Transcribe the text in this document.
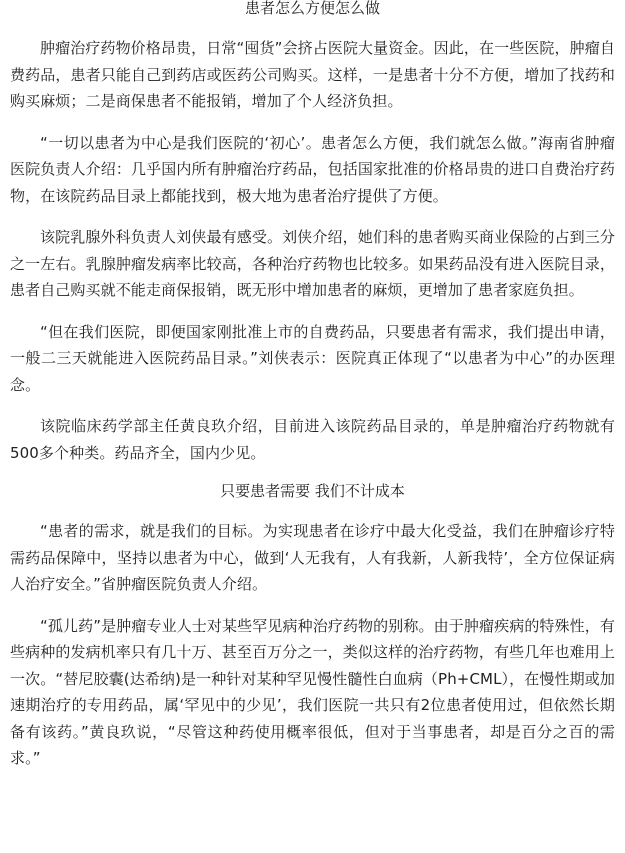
患者怎么方便怎么做

肿瘤治疗药物价格昂贵，日常“囤货”会挤占医院大量资金。因此，在一些医院，肿瘤自费药品，患者只能自己到药店或医药公司购买。这样，一是患者十分不方便，增加了找药和购买麻烦；二是商保患者不能报销，增加了个人经济负担。

“一切以患者为中心是我们医院的‘初心’。患者怎么方便，我们就怎么做。”海南省肿瘤医院负责人介绍：几乎国内所有肿瘤治疗药品，包括国家批准的价格昂贵的进口自费治疗药物，在该院药品目录上都能找到，极大地为患者治疗提供了方便。

该院乳腺外科负责人刘侠最有感受。刘侠介绍，她们科的患者购买商业保险的占到三分之一左右。乳腺肿瘤发病率比较高，各种治疗药物也比较多。如果药品没有进入医院目录，患者自己购买就不能走商保报销，既无形中增加患者的麻烦，更增加了患者家庭负担。

“但在我们医院，即便国家刚批准上市的自费药品，只要患者有需求，我们提出申请，一般二三天就能进入医院药品目录。”刘侠表示：医院真正体现了“以患者为中心”的办医理念。

该院临床药学部主任黄良玖介绍，目前进入该院药品目录的，单是肿瘤治疗药物就有500多个种类。药品齐全，国内少见。

只要患者需要 我们不计成本

“患者的需求，就是我们的目标。为实现患者在诊疗中最大化受益，我们在肿瘤诊疗特需药品保障中，坚持以患者为中心，做到‘人无我有，人有我新，人新我特’，全方位保证病人治疗安全。”省肿瘤医院负责人介绍。

“孤儿药”是肿瘤专业人士对某些罕见病种治疗药物的别称。由于肿瘤疾病的特殊性，有些病种的发病机率只有几十万、甚至百万分之一，类似这样的治疗药物，有些几年也难用上一次。“替尼胶囊(达希纳)是一种针对某种罕见慢性髓性白血病（Ph+CML），在慢性期或加速期治疗的专用药品，属‘罕见中的少见’，我们医院一共只有2位患者使用过，但依然长期备有该药。”黄良玖说，“尽管这种药使用概率很低，但对于当事患者，却是百分之百的需求。”
